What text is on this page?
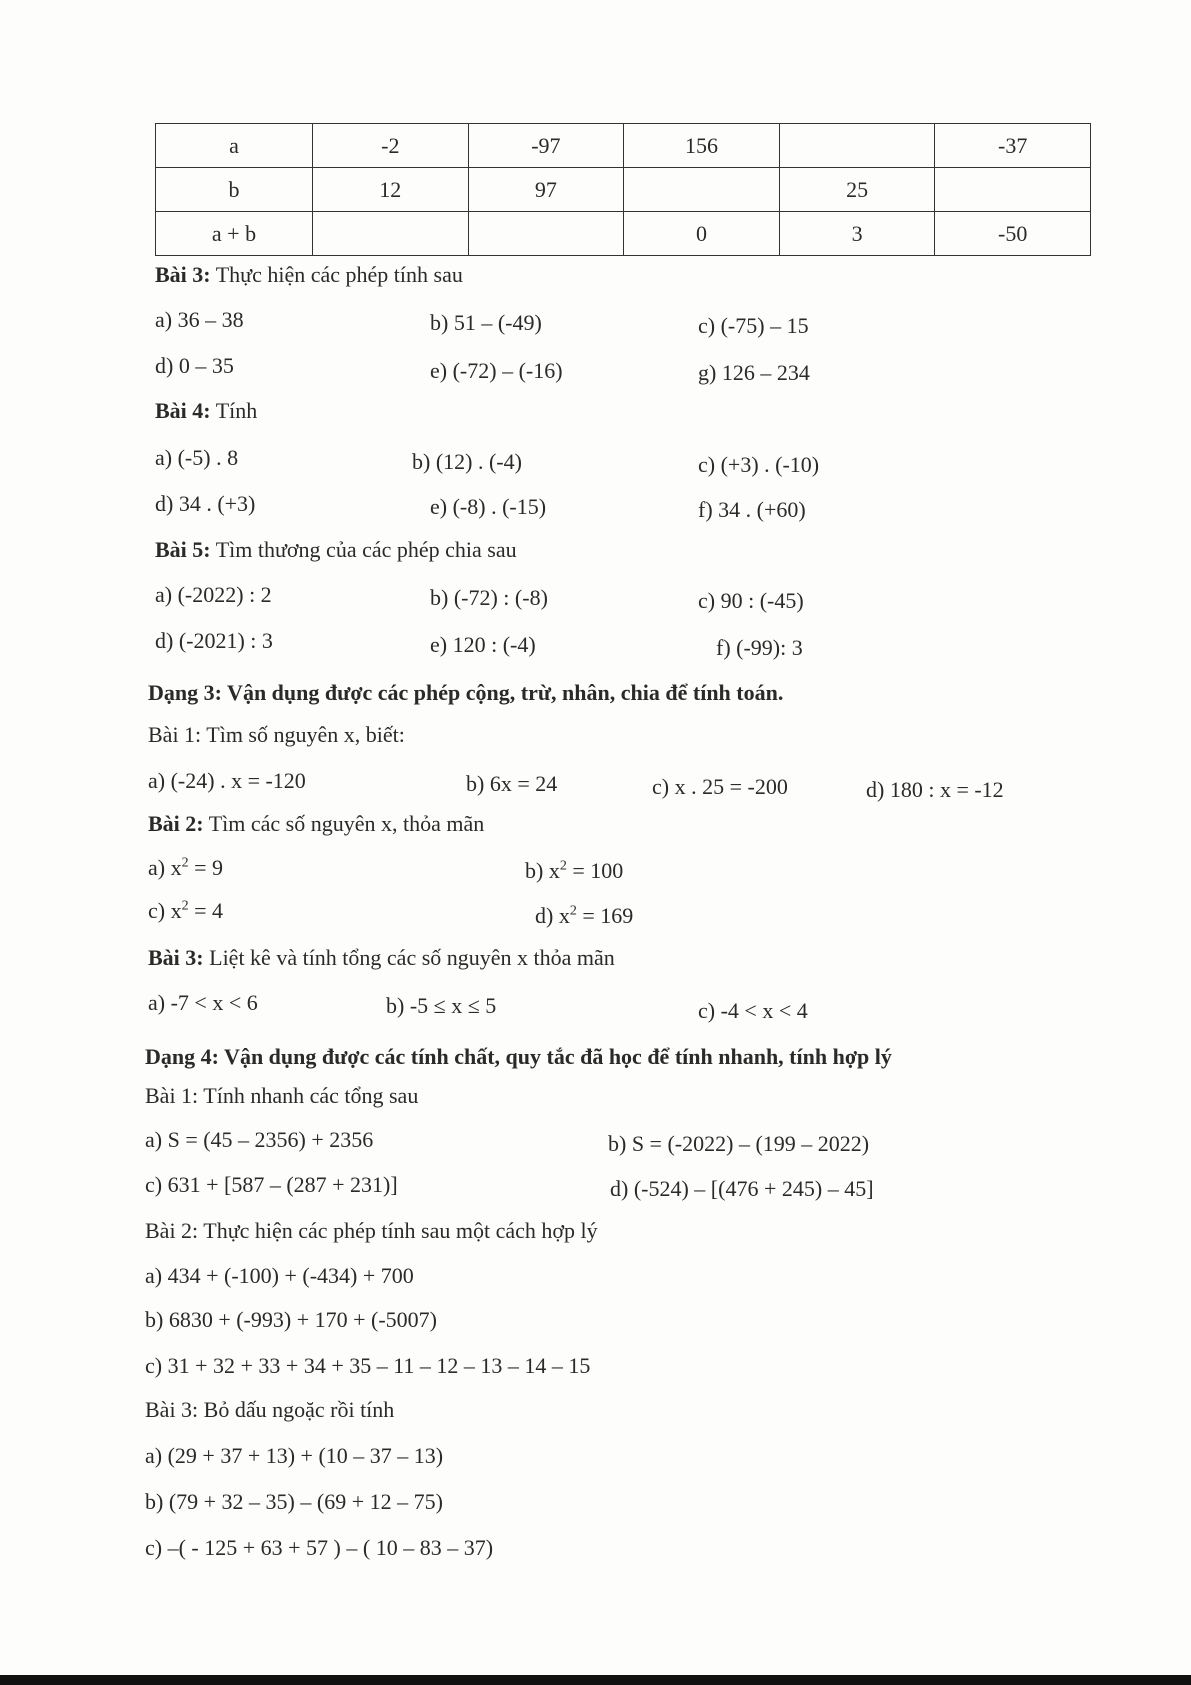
a	-2	-97	156		-37
b	12	97		25	
a + b			0	3	-50
Bài 3: Thực hiện các phép tính sau
a) 36 – 38	b) 51 – (-49)	c) (-75) – 15
d) 0 – 35	e) (-72) – (-16)	g) 126 – 234
Bài 4: Tính
a) (-5) . 8	b) (12) . (-4)	c) (+3) . (-10)
d) 34 . (+3)	e) (-8) . (-15)	f) 34 . (+60)
Bài 5: Tìm thương của các phép chia sau
a) (-2022) : 2	b) (-72) : (-8)	c) 90 : (-45)
d) (-2021) : 3	e) 120 : (-4)	f) (-99): 3
Dạng 3: Vận dụng được các phép cộng, trừ, nhân, chia để tính toán.
Bài 1: Tìm số nguyên x, biết:
a) (-24) . x = -120	b) 6x = 24	c) x . 25 = -200	d) 180 : x = -12
Bài 2: Tìm các số nguyên x, thỏa mãn
a) $x^2 = 9$	b) $x^2 = 100$
c) $x^2 = 4$	d) $x^2 = 169$
Bài 3: Liệt kê và tính tổng các số nguyên x thỏa mãn
a) -7 < x < 6	b) -5 ≤ x ≤ 5	c) -4 < x < 4
Dạng 4: Vận dụng được các tính chất, quy tắc đã học để tính nhanh, tính hợp lý
Bài 1: Tính nhanh các tổng sau
a) S = (45 – 2356) + 2356	b) S = (-2022) – (199 – 2022)
c) 631 + [587 – (287 + 231)]	d) (-524) – [(476 + 245) – 45]
Bài 2: Thực hiện các phép tính sau một cách hợp lý
a) 434 + (-100) + (-434) + 700
b) 6830 + (-993) + 170 + (-5007)
c) 31 + 32 + 33 + 34 + 35 – 11 – 12 – 13 – 14 – 15
Bài 3: Bỏ dấu ngoặc rồi tính
a) (29 + 37 + 13) + (10 – 37 – 13)
b) (79 + 32 – 35) – (69 + 12 – 75)
c) –( - 125 + 63 + 57 ) – ( 10 – 83 – 37)
